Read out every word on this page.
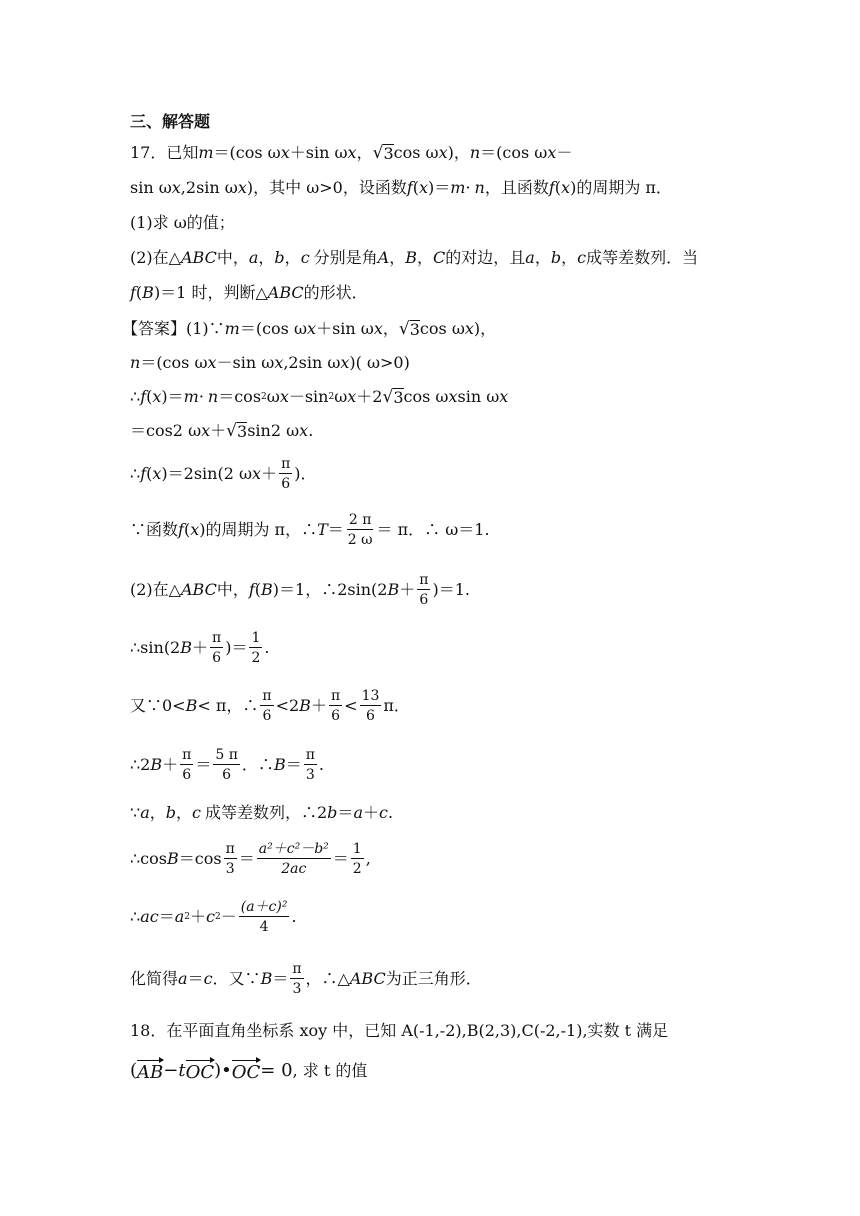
三、解答题
17．已知 m ＝(cos ω x ＋sin ω x ， √ 3 cos ω x )， n ＝(cos ω x －
sin ω x ,2sin ω x )，其中 ω>0，设函数 f ( x )＝ m · n ，且函数 f ( x )的周期为 π．
(1)求 ω的值；
(2)在△ ABC 中， a ， b ， c 分别是角 A ， B ， C 的对边，且 a ， b ， c 成等差数列．当
f ( B )＝1 时，判断△ ABC 的形状．
【答案】(1)∵ m ＝(cos ω x ＋sin ω x ， √ 3 cos ω x )，
n ＝(cos ω x －sin ω x ,2sin ω x )( ω>0)
∴ f ( x )＝ m · n ＝cos 2 ω x －sin 2 ω x ＋2 √ 3 cos ω x sin ω x
＝cos2 ω x ＋ √ 3 sin2 ω x .
∴ f ( x )＝2sin(2 ω $x + \frac{\pi}{6}$ )．
∵函数 f ( x )的周期为 π，∴ $T = \frac{2 \pi}{2 \omega} = \pi$．∴ ω＝1.
(2)在△ ABC 中， f ( B )＝1，∴2sin(2 $B + \frac{\pi}{6} )=1$.
∴sin(2 $B + \frac{\pi}{6}$ )＝ $\frac{1}{2}$ .
又∵0< B < π，∴ $\frac{\pi}{6} <2$ $B + \frac{\pi}{6} < \frac{13}{6}$ π．
∴2 $B + \frac{\pi}{6} = \frac{5 \pi}{6}$ ．∴ $B = \frac{\pi}{3}$ .
∵ a ， b ， c 成等差数列，∴2 b ＝ a ＋ c .
∴cos $B =\cos \frac{\pi}{3} = \frac{\text{a²＋c²－b²}}{2ac} = \frac{1}{2}$ ,
∴ a c ＝ a 2 ＋ c $2 - \frac{\text{(a＋c)²}}{4}$ .
化简得 a ＝ c ．又∵ $B = \frac{\pi}{3}$ ，∴△ ABC 为正三角形．
18．在平面直角坐标系 xoy 中，已知 A(-1,-2),B(2,3),C(-2,-1),实数 t 满足
( AB − t OC )• OC = 0 , 求 t 的值
